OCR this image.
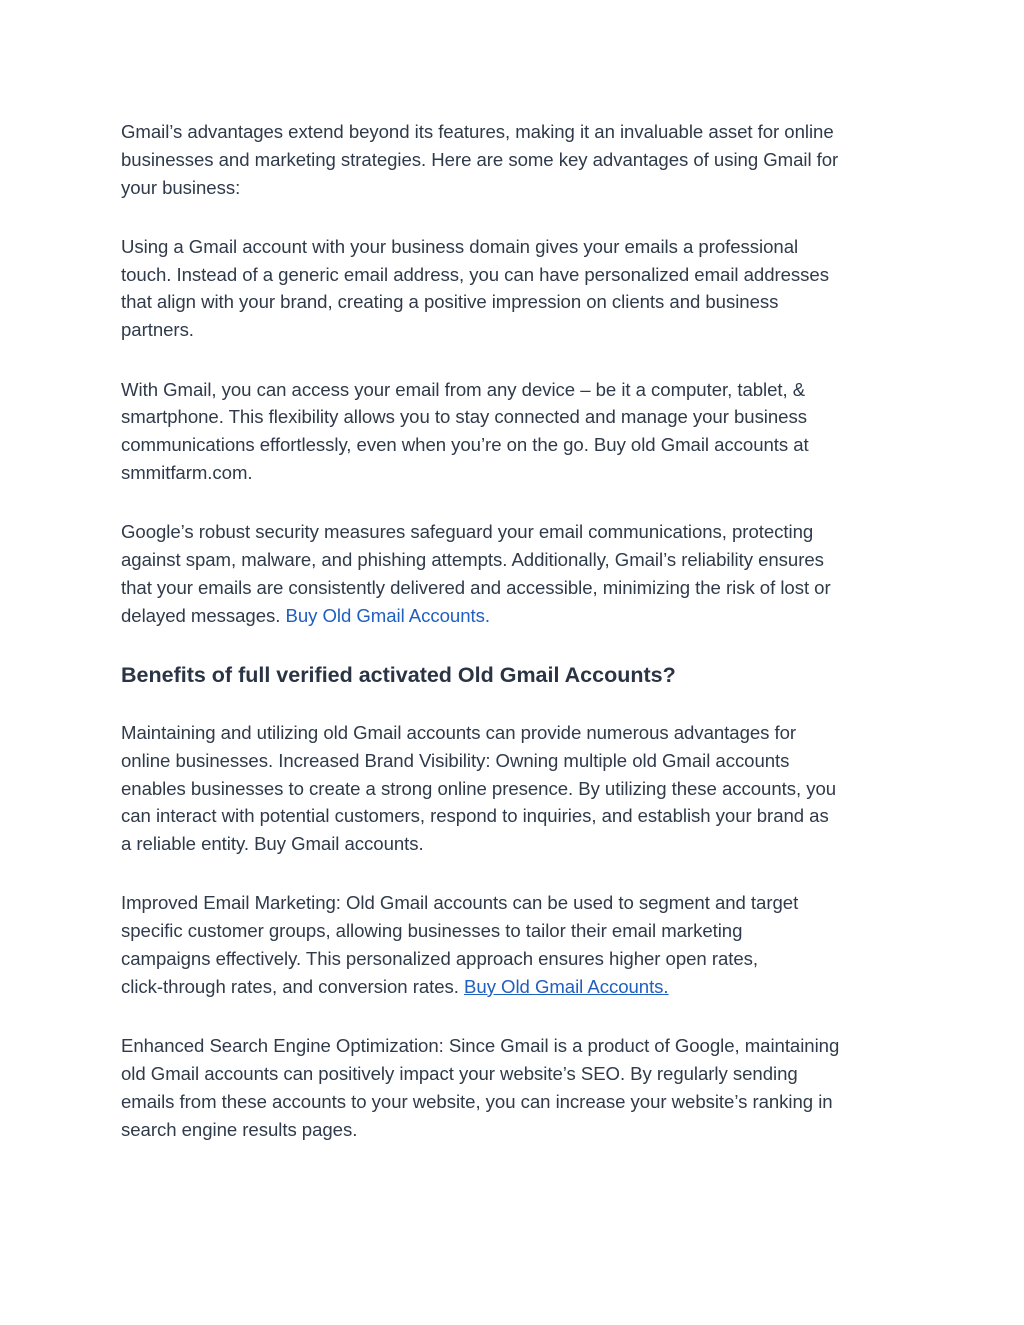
Gmail’s advantages extend beyond its features, making it an invaluable asset for online
businesses and marketing strategies. Here are some key advantages of using Gmail for
your business:

Using a Gmail account with your business domain gives your emails a professional
touch. Instead of a generic email address, you can have personalized email addresses
that align with your brand, creating a positive impression on clients and business
partners.

With Gmail, you can access your email from any device – be it a computer, tablet, &
smartphone. This flexibility allows you to stay connected and manage your business
communications effortlessly, even when you’re on the go. Buy old Gmail accounts at
smmitfarm.com.

Google’s robust security measures safeguard your email communications, protecting
against spam, malware, and phishing attempts. Additionally, Gmail’s reliability ensures
that your emails are consistently delivered and accessible, minimizing the risk of lost or
delayed messages. Buy Old Gmail Accounts.

Benefits of full verified activated Old Gmail Accounts?

Maintaining and utilizing old Gmail accounts can provide numerous advantages for
online businesses. Increased Brand Visibility: Owning multiple old Gmail accounts
enables businesses to create a strong online presence. By utilizing these accounts, you
can interact with potential customers, respond to inquiries, and establish your brand as
a reliable entity. Buy Gmail accounts.

Improved Email Marketing: Old Gmail accounts can be used to segment and target
specific customer groups, allowing businesses to tailor their email marketing
campaigns effectively. This personalized approach ensures higher open rates,
click-through rates, and conversion rates. Buy Old Gmail Accounts.

Enhanced Search Engine Optimization: Since Gmail is a product of Google, maintaining
old Gmail accounts can positively impact your website’s SEO. By regularly sending
emails from these accounts to your website, you can increase your website’s ranking in
search engine results pages.
